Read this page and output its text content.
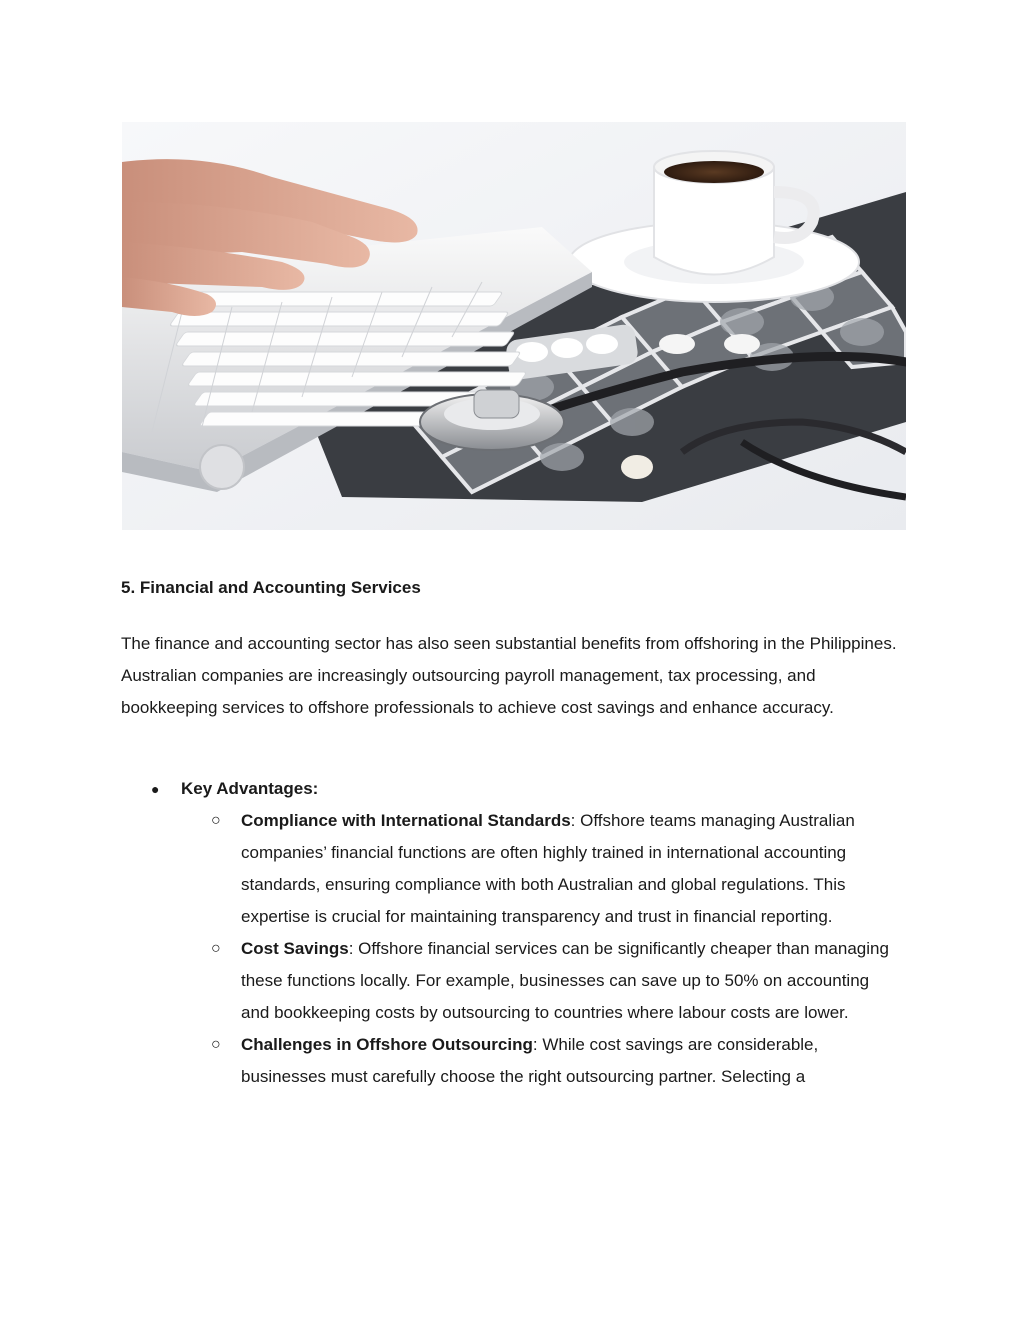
5. Financial and Accounting Services

The finance and accounting sector has also seen substantial benefits from offshoring in the Philippines. Australian companies are increasingly outsourcing payroll management, tax processing, and bookkeeping services to offshore professionals to achieve cost savings and enhance accuracy.

● Key Advantages:
○ Compliance with International Standards: Offshore teams managing Australian companies’ financial functions are often highly trained in international accounting standards, ensuring compliance with both Australian and global regulations. This expertise is crucial for maintaining transparency and trust in financial reporting.
○ Cost Savings: Offshore financial services can be significantly cheaper than managing these functions locally. For example, businesses can save up to 50% on accounting and bookkeeping costs by outsourcing to countries where labour costs are lower.
○ Challenges in Offshore Outsourcing: While cost savings are considerable, businesses must carefully choose the right outsourcing partner. Selecting a
